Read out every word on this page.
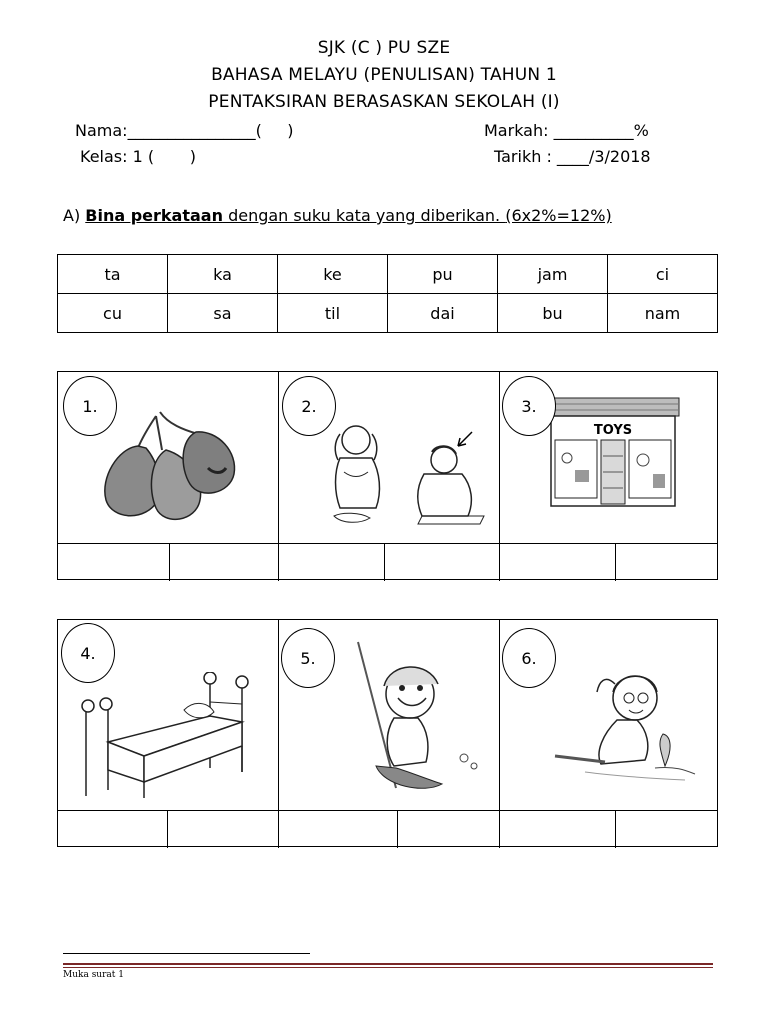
SJK (C ) PU SZE
BAHASA MELAYU (PENULISAN) TAHUN 1
PENTAKSIRAN BERASASKAN SEKOLAH (I)
Nama:________________(     )	Markah: __________%
Kelas: 1 (       )	Tarikh : ____/3/2018
A) Bina perkataan dengan suku kata yang diberikan. (6x2%=12%)
ta	ka	ke	pu	jam	ci
cu	sa	til	dai	bu	nam
1.	2.	3.
TOYS
4.	5.	6.
Muka surat 1
